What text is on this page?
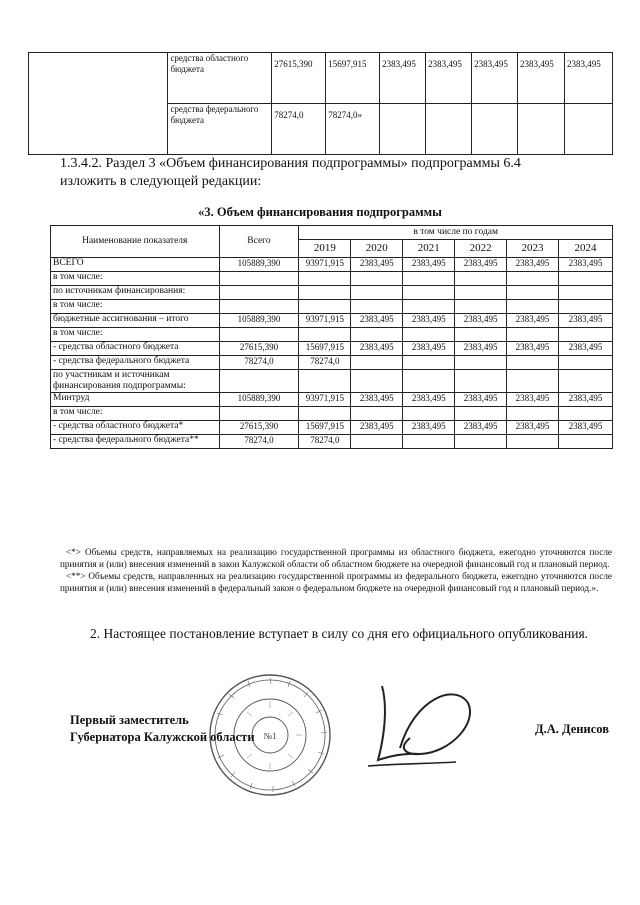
	средства областного бюджета	27615,390	15697,915	2383,495	2383,495	2383,495	2383,495	2383,495
	средства федерального бюджета	78274,0	78274,0»					
1.3.4.2. Раздел 3 «Объем финансирования подпрограммы» подпрограммы 6.4
изложить в следующей редакции:
«3. Объем финансирования подпрограммы
Наименование показателя	Всего	в том числе по годам					
		2019	2020	2021	2022	2023	2024
ВСЕГО	105889,390	93971,915	2383,495	2383,495	2383,495	2383,495	2383,495
в том числе:							
по источникам финансирования:							
в том числе:							
бюджетные ассигнования – итого	105889,390	93971,915	2383,495	2383,495	2383,495	2383,495	2383,495
в том числе:							
- средства областного бюджета	27615,390	15697,915	2383,495	2383,495	2383,495	2383,495	2383,495
- средства федерального бюджета	78274,0	78274,0					
по участникам и источникам финансирования подпрограммы:							
Минтруд	105889,390	93971,915	2383,495	2383,495	2383,495	2383,495	2383,495
в том числе:							
- средства областного бюджета*	27615,390	15697,915	2383,495	2383,495	2383,495	2383,495	2383,495
- средства федерального бюджета**	78274,0	78274,0					
<*> Объемы средств, направляемых на реализацию государственной программы из областного бюджета, ежегодно уточняются после принятия и (или) внесения изменений в закон Калужской области об областном бюджете на очередной финансовый год и плановый период.
<**> Объемы средств, направленных на реализацию государственной программы из федерального бюджета, ежегодно уточняются после принятия и (или) внесения изменений в федеральный закон о федеральном бюджете на очередной финансовый год и плановый период.».
2. Настоящее постановление вступает в силу со дня его официального опубликования.
№1
Первый заместитель
Губернатора Калужской области
Д.А. Денисов
